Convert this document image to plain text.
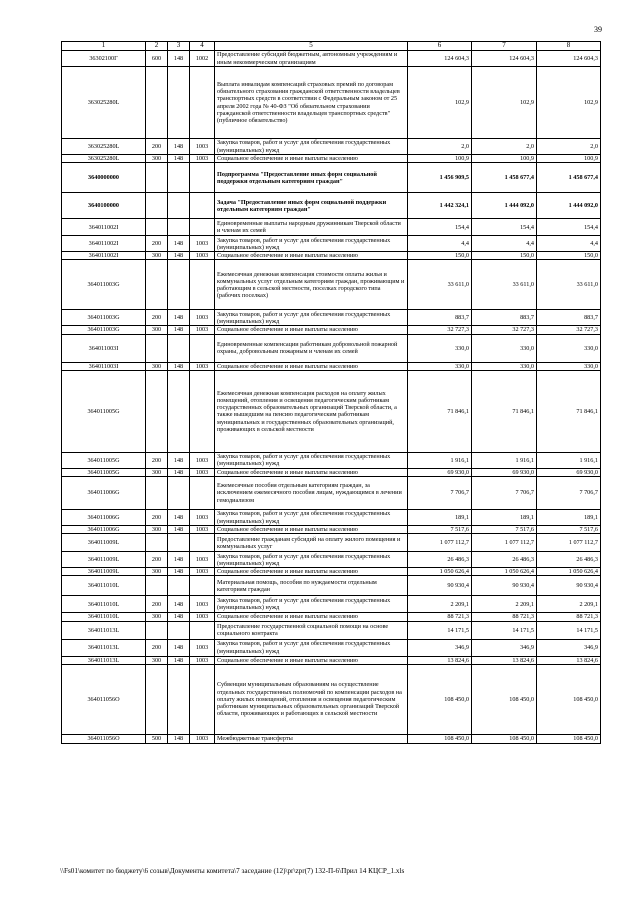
39
1	2	3	4	5	6	7	8
36302100Г	600	148	1002	Предоставление субсидий бюджетным, автономным учреждениям и иным некоммерческим организациям	124 604,3	124 604,3	124 604,3
363025280L				Выплата инвалидам компенсаций страховых премий по договорам обязательного страхования гражданской ответственности владельцев транспортных средств в соответствии с Федеральным законом от 25 апреля 2002 года № 40-ФЗ "Об обязательном страховании гражданской ответственности владельцев транспортных средств" (публичное обязательство)	102,9	102,9	102,9
363025280L	200	148	1003	Закупка товаров, работ и услуг для обеспечения государственных (муниципальных) нужд	2,0	2,0	2,0
363025280L	300	148	1003	Социальное обеспечение и иные выплаты населению	100,9	100,9	100,9
3640000000				Подпрограмма "Предоставление иных форм социальной поддержки отдельным категориям граждан"	1 456 909,5	1 458 677,4	1 458 677,4
3640100000				Задача "Предоставление иных форм социальной поддержки отдельным категориям граждан"	1 442 324,1	1 444 092,0	1 444 092,0
364011002I				Единовременные выплаты народным дружинникам Тверской области и членам их семей	154,4	154,4	154,4
364011002I	200	148	1003	Закупка товаров, работ и услуг для обеспечения государственных (муниципальных) нужд	4,4	4,4	4,4
364011002I	300	148	1003	Социальное обеспечение и иные выплаты населению	150,0	150,0	150,0
364011003G				Ежемесячная денежная компенсация стоимости оплаты жилья и коммунальных услуг отдельным категориям граждан, проживающим и работающим в сельской местности, поселках городского типа (рабочих поселках)	33 611,0	33 611,0	33 611,0
364011003G	200	148	1003	Закупка товаров, работ и услуг для обеспечения государственных (муниципальных) нужд	883,7	883,7	883,7
364011003G	300	148	1003	Социальное обеспечение и иные выплаты населению	32 727,3	32 727,3	32 727,3
364011003I				Единовременные компенсации работникам добровольной пожарной охраны, добровольным пожарным и членам их семей	330,0	330,0	330,0
364011003I	300	148	1003	Социальное обеспечение и иные выплаты населению	330,0	330,0	330,0
364011005G				Ежемесячная денежная компенсация расходов на оплату жилых помещений, отопления и освещения педагогическим работникам государственных образовательных организаций Тверской области, а также вышедшим на пенсию педагогическим работникам муниципальных и государственных образовательных организаций, проживающих в сельской местности	71 846,1	71 846,1	71 846,1
364011005G	200	148	1003	Закупка товаров, работ и услуг для обеспечения государственных (муниципальных) нужд	1 916,1	1 916,1	1 916,1
364011005G	300	148	1003	Социальное обеспечение и иные выплаты населению	69 930,0	69 930,0	69 930,0
364011006G				Ежемесячные пособия отдельным категориям граждан, за исключением ежемесячного пособия лицам, нуждающимся в лечении гемодиализом	7 706,7	7 706,7	7 706,7
364011006G	200	148	1003	Закупка товаров, работ и услуг для обеспечения государственных (муниципальных) нужд	189,1	189,1	189,1
364011006G	300	148	1003	Социальное обеспечение и иные выплаты населению	7 517,6	7 517,6	7 517,6
364011009L				Предоставление гражданам субсидий на оплату жилого помещения и коммунальных услуг	1 077 112,7	1 077 112,7	1 077 112,7
364011009L	200	148	1003	Закупка товаров, работ и услуг для обеспечения государственных (муниципальных) нужд	26 486,3	26 486,3	26 486,3
364011009L	300	148	1003	Социальное обеспечение и иные выплаты населению	1 050 626,4	1 050 626,4	1 050 626,4
364011010L				Материальная помощь, пособия по нуждаемости отдельным категориям граждан	90 930,4	90 930,4	90 930,4
364011010L	200	148	1003	Закупка товаров, работ и услуг для обеспечения государственных (муниципальных) нужд	2 209,1	2 209,1	2 209,1
364011010L	300	148	1003	Социальное обеспечение и иные выплаты населению	88 721,3	88 721,3	88 721,3
364011013L				Предоставление государственной социальной помощи на основе социального контракта	14 171,5	14 171,5	14 171,5
364011013L	200	148	1003	Закупка товаров, работ и услуг для обеспечения государственных (муниципальных) нужд	346,9	346,9	346,9
364011013L	300	148	1003	Социальное обеспечение и иные выплаты населению	13 824,6	13 824,6	13 824,6
364011056O				Субвенции муниципальным образованиям на осуществление отдельных государственных полномочий по компенсации расходов на оплату жилых помещений, отопления и освещения педагогическим работникам муниципальных образовательных организаций Тверской области, проживающих и работающих в сельской местности	108 450,0	108 450,0	108 450,0
364011056O	500	148	1003	Межбюджетные трансферты	108 450,0	108 450,0	108 450,0
\\Fs01\комитет по бюджету\6 созыв\Документы комитета\7 заседание (12)\pr\zpr(7) 132-П-6\Прил 14 КЦСР_1.xls
